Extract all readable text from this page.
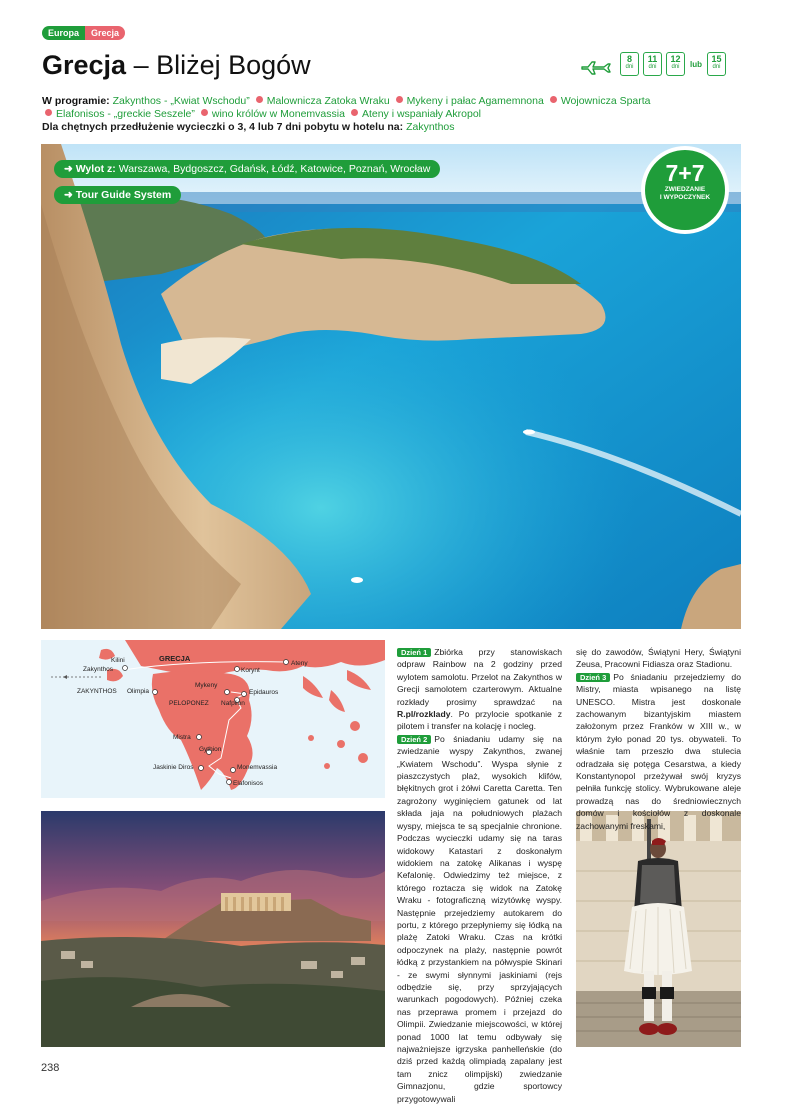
Europa	Grecja
Grecja – Bliżej Bogów	8
dni
11
dni
12
dni	lub	15
dni
W programie: Zakynthos - „Kwiat Wschodu” Malownicza Zatoka Wraku Mykeny i pałac Agamemnona Wojownicza Sparta
Elafonisos - „greckie Seszele” wino królów w Monemvassia Ateny i wspaniały Akropol
Dla chętnych przedłużenie wycieczki o 3, 4 lub 7 dni pobytu w hotelu na: Zakynthos
➜ Wylot z: Warszawa, Bydgoszcz, Gdańsk, Łódź, Katowice, Poznań, Wrocław
➜ Tour Guide System
7+7
ZWIEDZANIE
I WYPOCZYNEK
Kilini
Zakynthos
ZAKYNTHOS Olimpia
GRECJA
Korynt
Ateny
Mykeny
Epidauros
Nafplion
PELOPONEZ
Mistra
Gythion
Jaskinie Diros	Monemvassia
Elafonisos

Dzień 1 Zbiórka przy stanowiskach odpraw Rainbow na 2 godziny przed wylotem samolotu. Przelot na Zakynthos w Grecji samolotem czarterowym. Aktualne rozkłady prosimy sprawdzać na R.pl/rozklady. Po przylocie spotkanie z pilotem i transfer na kolację i nocleg.

Dzień 2 Po śniadaniu udamy się na zwiedzanie wyspy Zakynthos, zwanej „Kwiatem Wschodu”. Wyspa słynie z piaszczystych plaż, wysokich klifów, błękitnych grot i żółwi Caretta Caretta. Ten zagrożony wyginięciem gatunek od lat składa jaja na południowych plażach wyspy, miejsca te są specjalnie chronione. Podczas wycieczki udamy się na taras widokowy Katastari z doskonałym widokiem na zatokę Alikanas i wyspę Kefalonię. Odwiedzimy też miejsce, z którego roztacza się widok na Zatokę Wraku - fotograficzną wizytówkę wyspy. Następnie przejedziemy autokarem do portu, z którego przepłyniemy się łódką na plażę Zatoki Wraku. Czas na krótki odpoczynek na plaży, następnie powrót łódką z przystankiem na półwyspie Skinari - ze swymi słynnymi jaskiniami (rejs odbędzie się, przy sprzyjających warunkach pogodowych). Później czeka nas przeprawa promem i przejazd do Olimpii. Zwiedzanie miejscowości, w której ponad 1000 lat temu odbywały się najważniejsze igrzyska panhelleńskie (do dziś przed każdą olimpiadą zapalany jest tam znicz olimpijski) zwiedzanie Gimnazjonu, gdzie sportowcy przygotowywali

się do zawodów, Świątyni Hery, Świątyni Zeusa, Pracowni Fidiasza oraz Stadionu.

Dzień 3 Po śniadaniu przejedziemy do Mistry, miasta wpisanego na listę UNESCO. Mistra jest doskonale zachowanym bizantyjskim miastem założonym przez Franków w XIII w., w którym żyło ponad 20 tys. obywateli. To właśnie tam przeszło dwa stulecia odradzała się potęga Cesarstwa, a kiedy Konstantynopol przeżywał swój kryzys pełniła funkcję stolicy. Wybrukowane aleje prowadzą nas do średniowiecznych domów i kościołów z doskonale zachowanymi freskami,

238
